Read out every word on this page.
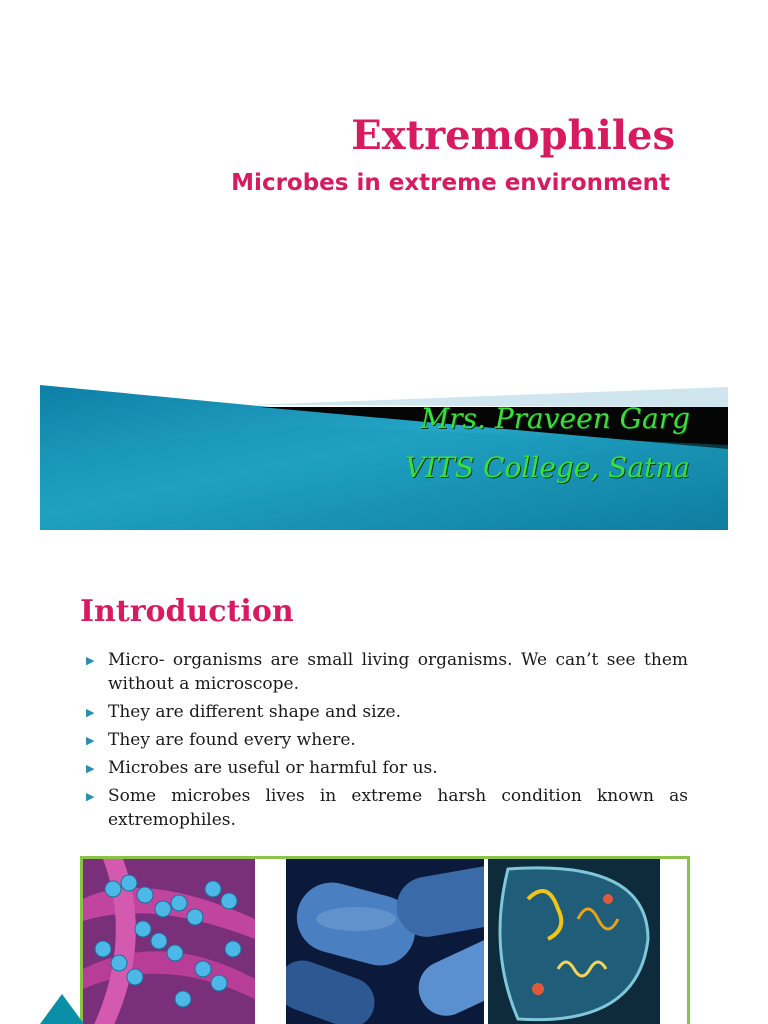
Extremophiles
Microbes in extreme environment
Mrs. Praveen Garg
VITS College, Satna
Introduction
▶ Micro- organisms are small living organisms. We can’t see them without a microscope.
▶ They are different shape and size.
▶ They are found every where.
▶ Microbes are useful or harmful for us.
▶ Some microbes lives in extreme harsh condition known as extremophiles.
